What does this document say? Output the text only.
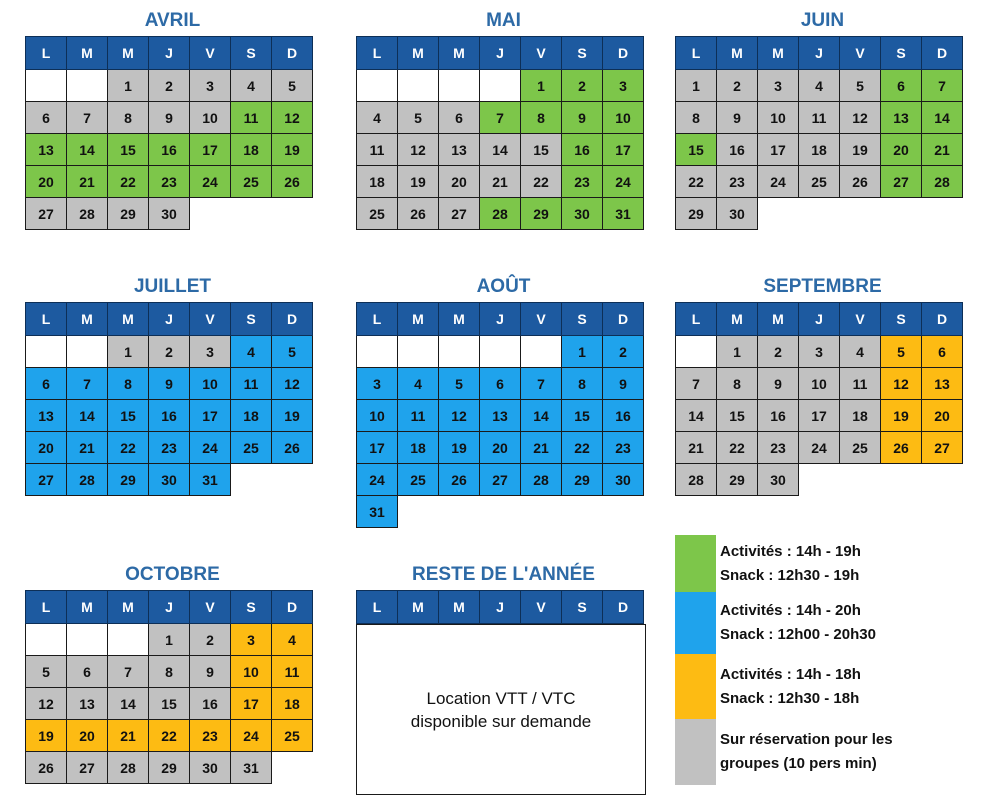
AVRIL
L	M	M	J	V	S	D
		1	2	3	4	5
6	7	8	9	10	11	12
13	14	15	16	17	18	19
20	21	22	23	24	25	26
27	28	29	30			
MAI
L	M	M	J	V	S	D
				1	2	3
4	5	6	7	8	9	10
11	12	13	14	15	16	17
18	19	20	21	22	23	24
25	26	27	28	29	30	31
JUIN
L	M	M	J	V	S	D
1	2	3	4	5	6	7
8	9	10	11	12	13	14
15	16	17	18	19	20	21
22	23	24	25	26	27	28
29	30					
JUILLET
L	M	M	J	V	S	D
		1	2	3	4	5
6	7	8	9	10	11	12
13	14	15	16	17	18	19
20	21	22	23	24	25	26
27	28	29	30	31		
AOÛT
L	M	M	J	V	S	D
					1	2
3	4	5	6	7	8	9
10	11	12	13	14	15	16
17	18	19	20	21	22	23
24	25	26	27	28	29	30
31						
SEPTEMBRE
L	M	M	J	V	S	D
	1	2	3	4	5	6
7	8	9	10	11	12	13
14	15	16	17	18	19	20
21	22	23	24	25	26	27
28	29	30				
OCTOBRE
L	M	M	J	V	S	D
			1	2	3	4
5	6	7	8	9	10	11
12	13	14	15	16	17	18
19	20	21	22	23	24	25
26	27	28	29	30	31	
RESTE DE L'ANNÉE
L	M	M	J	V	S	D
Location VTT / VTC
disponible sur demande
Activités : 14h - 19h
Snack : 12h30 - 19h
Activités : 14h - 20h
Snack : 12h00 - 20h30
Activités : 14h - 18h
Snack : 12h30 - 18h
Sur réservation pour les
groupes (10 pers min)
